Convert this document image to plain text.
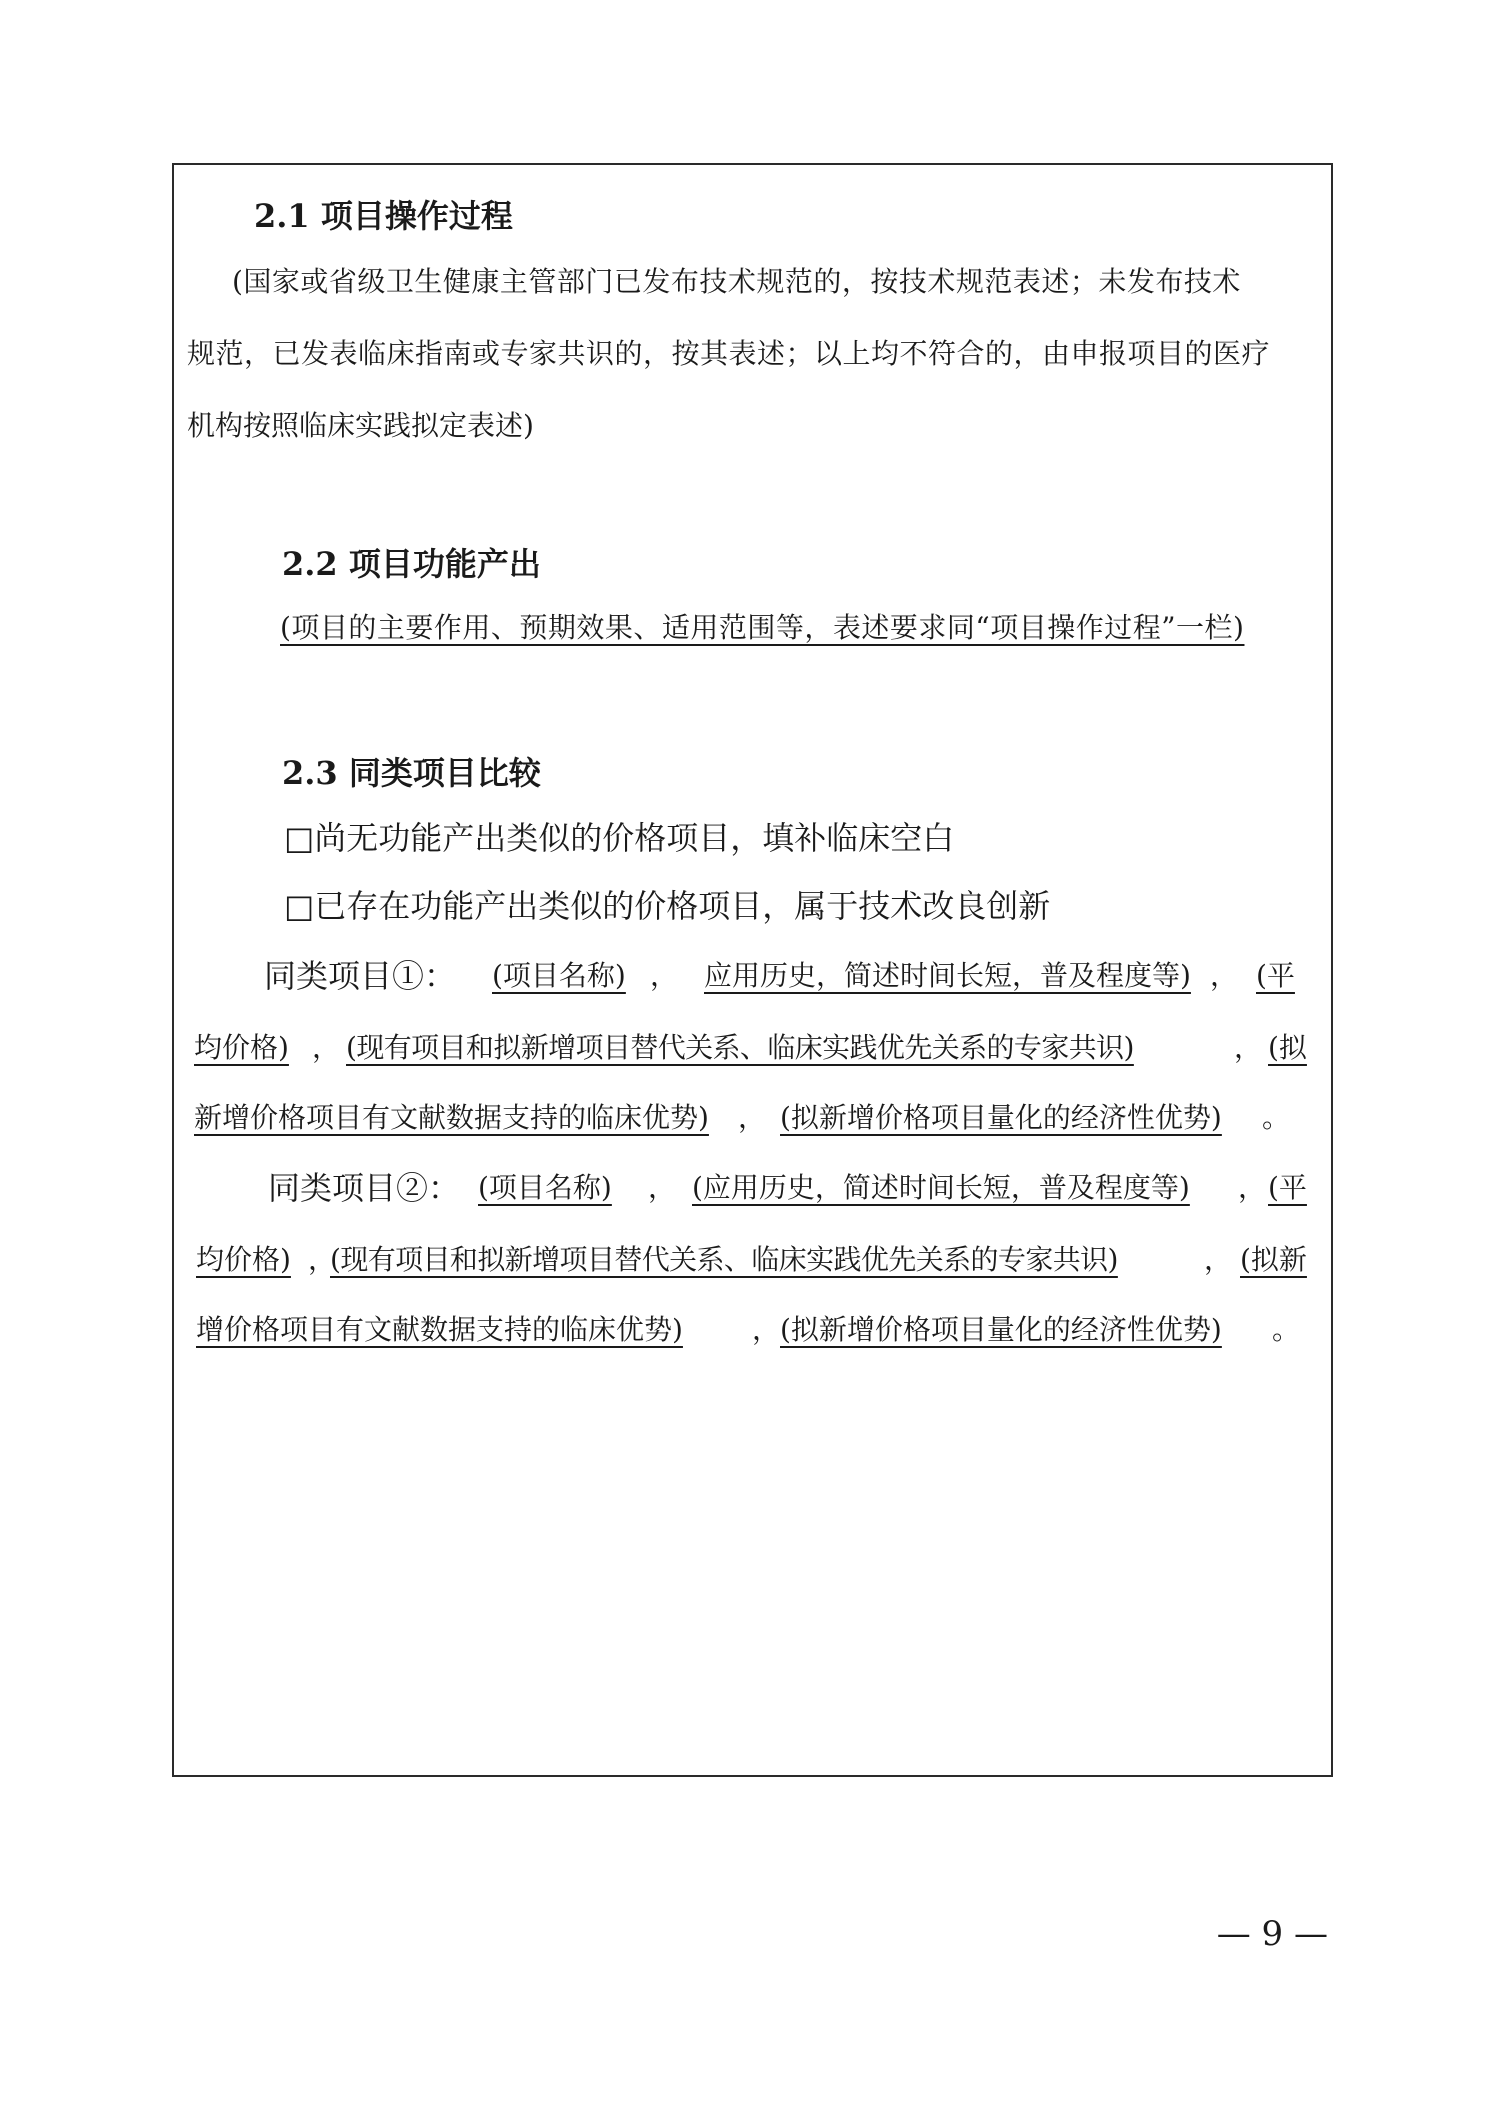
2.1 项目操作过程
(国家或省级卫生健康主管部门已发布技术规范的，按技术规范表述；未发布技术
规范，已发表临床指南或专家共识的，按其表述；以上均不符合的，由申报项目的医疗
机构按照临床实践拟定表述)
2.2 项目功能产出
(项目的主要作用、预期效果、适用范围等，表述要求同“项目操作过程”一栏)
2.3 同类项目比较
□尚无功能产出类似的价格项目，填补临床空白
□已存在功能产出类似的价格项目，属于技术改良创新
同类项目①： (项目名称) ， 应用历史，简述时间长短，普及程度等) ， (平
均价格) ， (现有项目和拟新增项目替代关系、临床实践优先关系的专家共识)	， (拟
新增价格项目有文献数据支持的临床优势) ， (拟新增价格项目量化的经济性优势) 。
同类项目②： (项目名称) ， (应用历史，简述时间长短，普及程度等) ， (平
均价格) ，
(现有项目和拟新增项目替代关系、临床实践优先关系的专家共识)	， (拟新
增价格项目有文献数据支持的临床优势) ， (拟新增价格项目量化的经济性优势) 。
— 9 —
